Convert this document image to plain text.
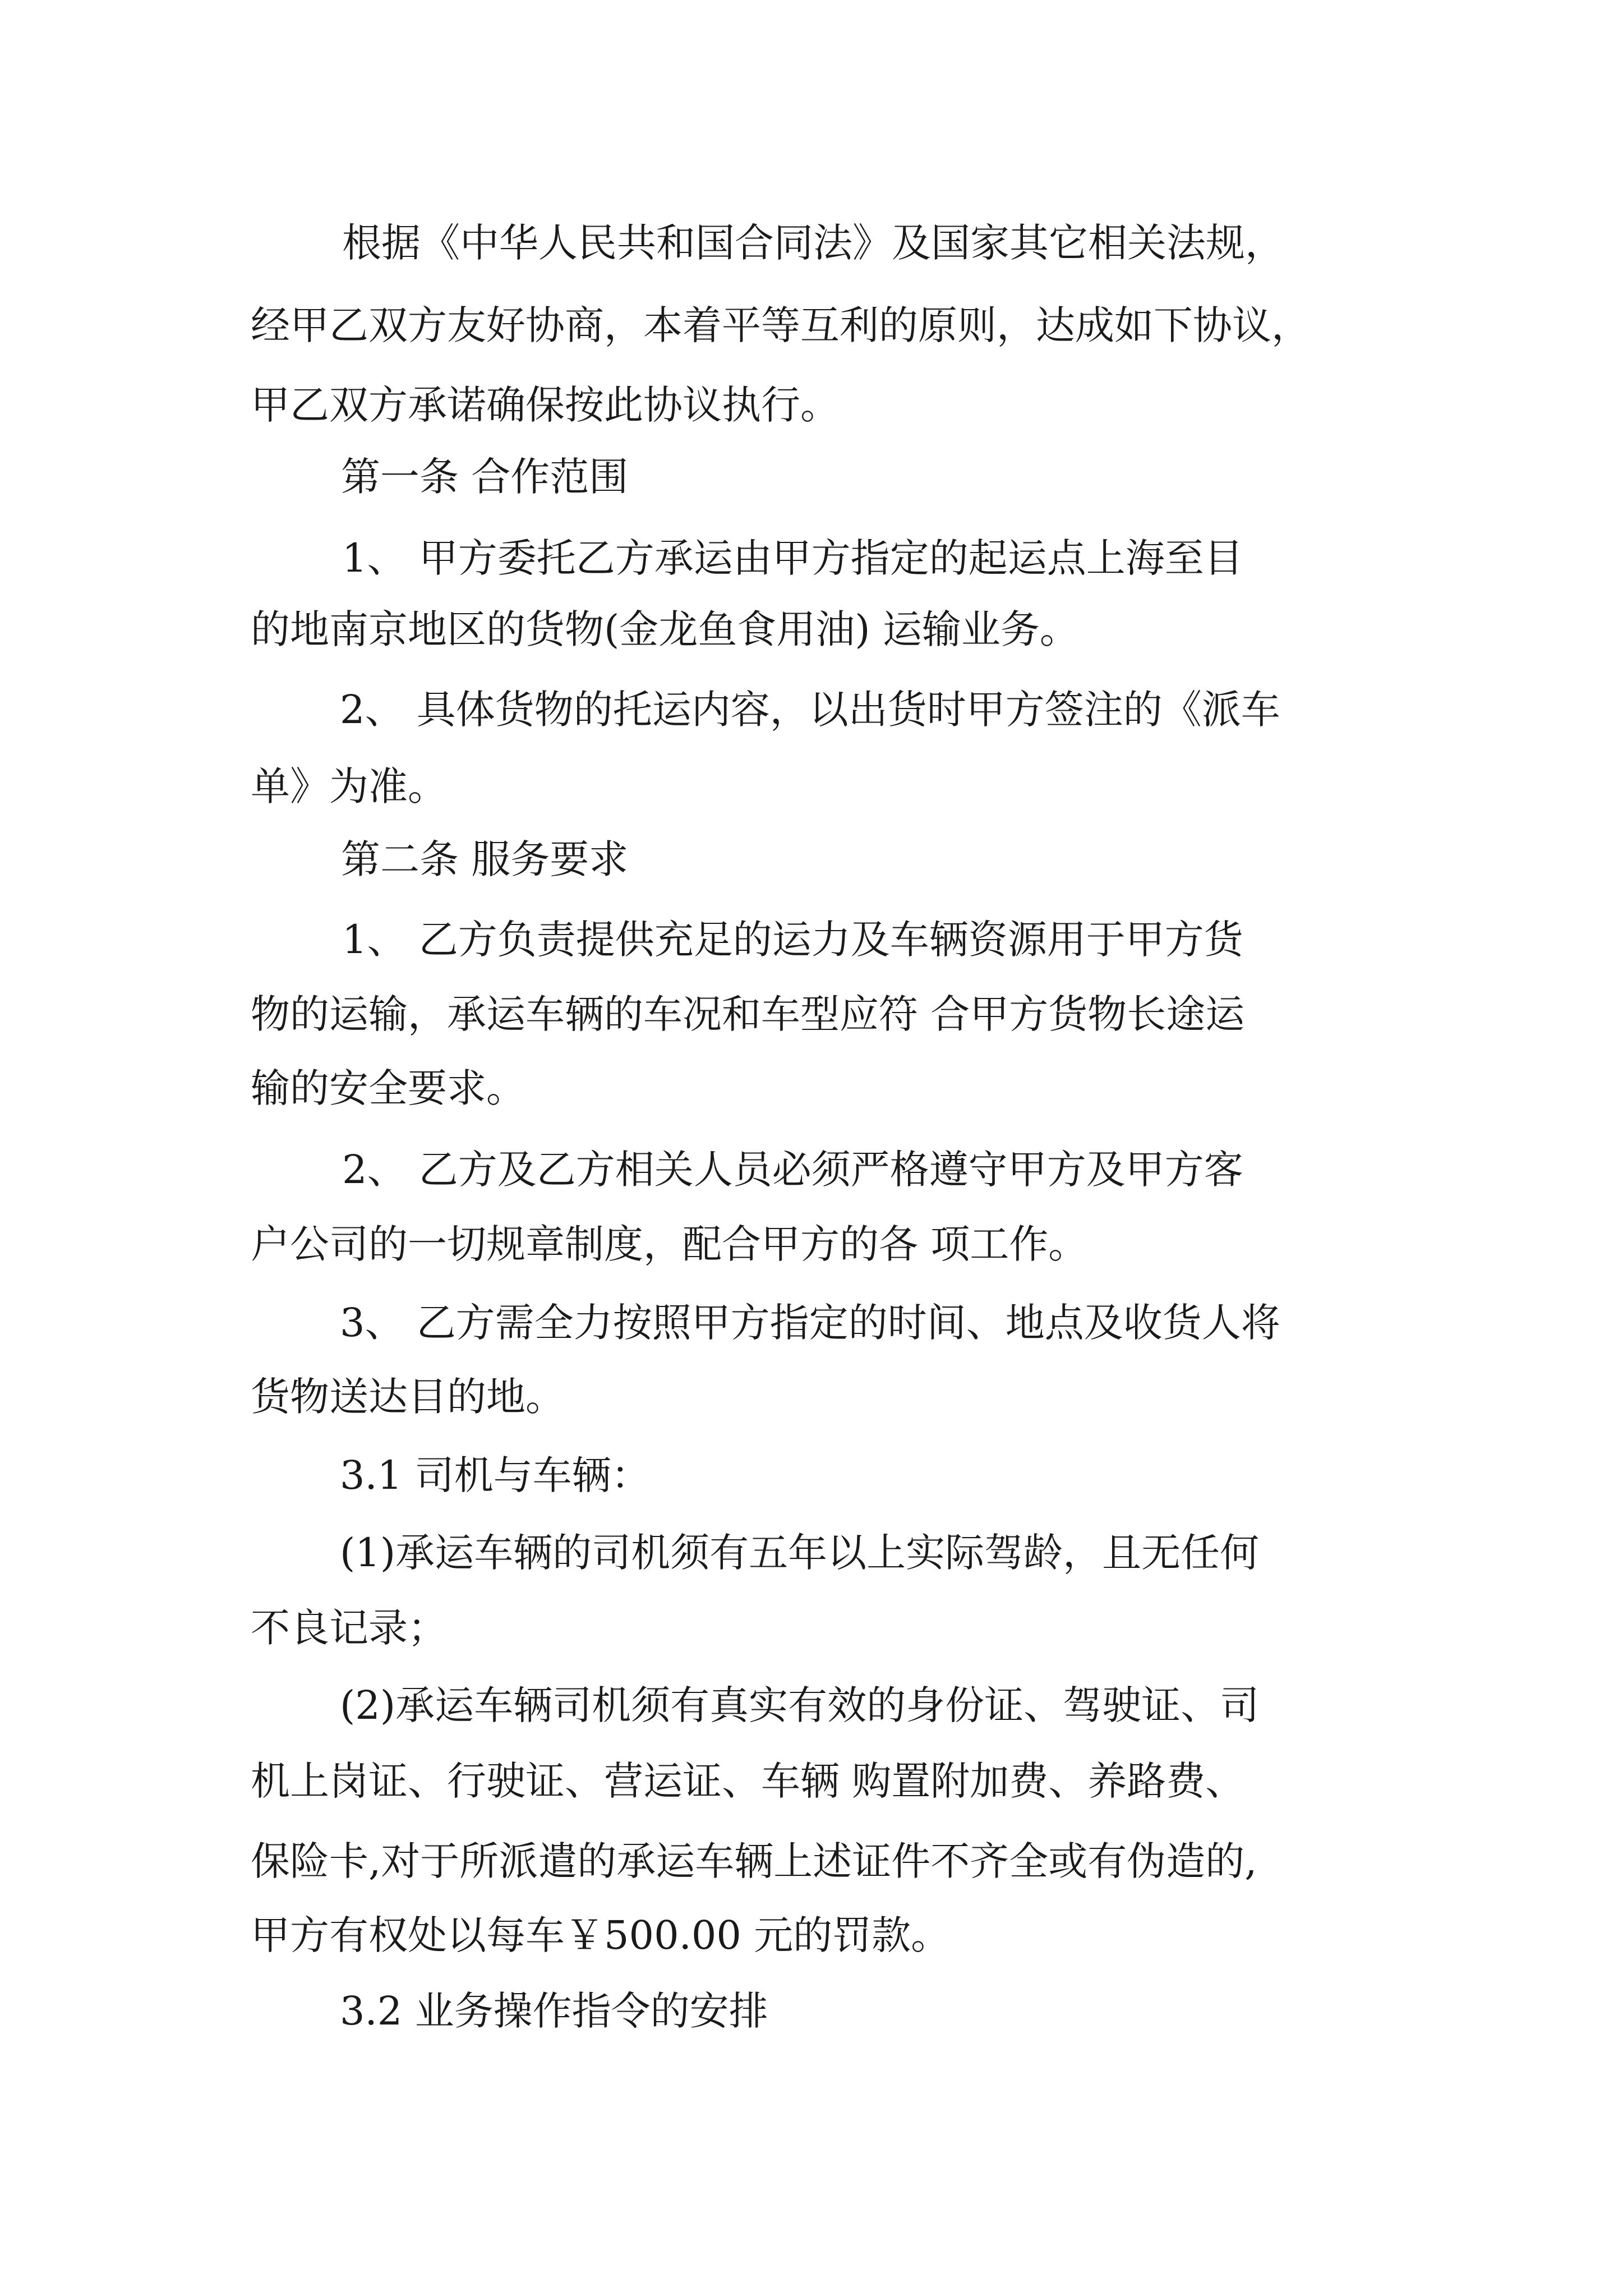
根据《中华人民共和国合同法》及国家其它相关法规，
经甲乙双方友好协商，本着平等互利的原则，达成如下协议，
甲乙双方承诺确保按此协议执行。
第一条 合作范围
1、 甲方委托乙方承运由甲方指定的起运点上海至目
的地南京地区的货物(金龙鱼食用油) 运输业务。
2、 具体货物的托运内容，以出货时甲方签注的《派车
单》为准。
第二条 服务要求
1、 乙方负责提供充足的运力及车辆资源用于甲方货
物的运输，承运车辆的车况和车型应符 合甲方货物长途运
输的安全要求。
2、 乙方及乙方相关人员必须严格遵守甲方及甲方客
户公司的一切规章制度，配合甲方的各 项工作。
3、 乙方需全力按照甲方指定的时间、地点及收货人将
货物送达目的地。
3.1 司机与车辆：
(1)承运车辆的司机须有五年以上实际驾龄，且无任何
不良记录；
(2)承运车辆司机须有真实有效的身份证、驾驶证、司
机上岗证、行驶证、营运证、车辆 购置附加费、养路费、
保险卡,对于所派遣的承运车辆上述证件不齐全或有伪造的,
甲方有权处以每车￥500.00 元的罚款。
3.2 业务操作指令的安排
